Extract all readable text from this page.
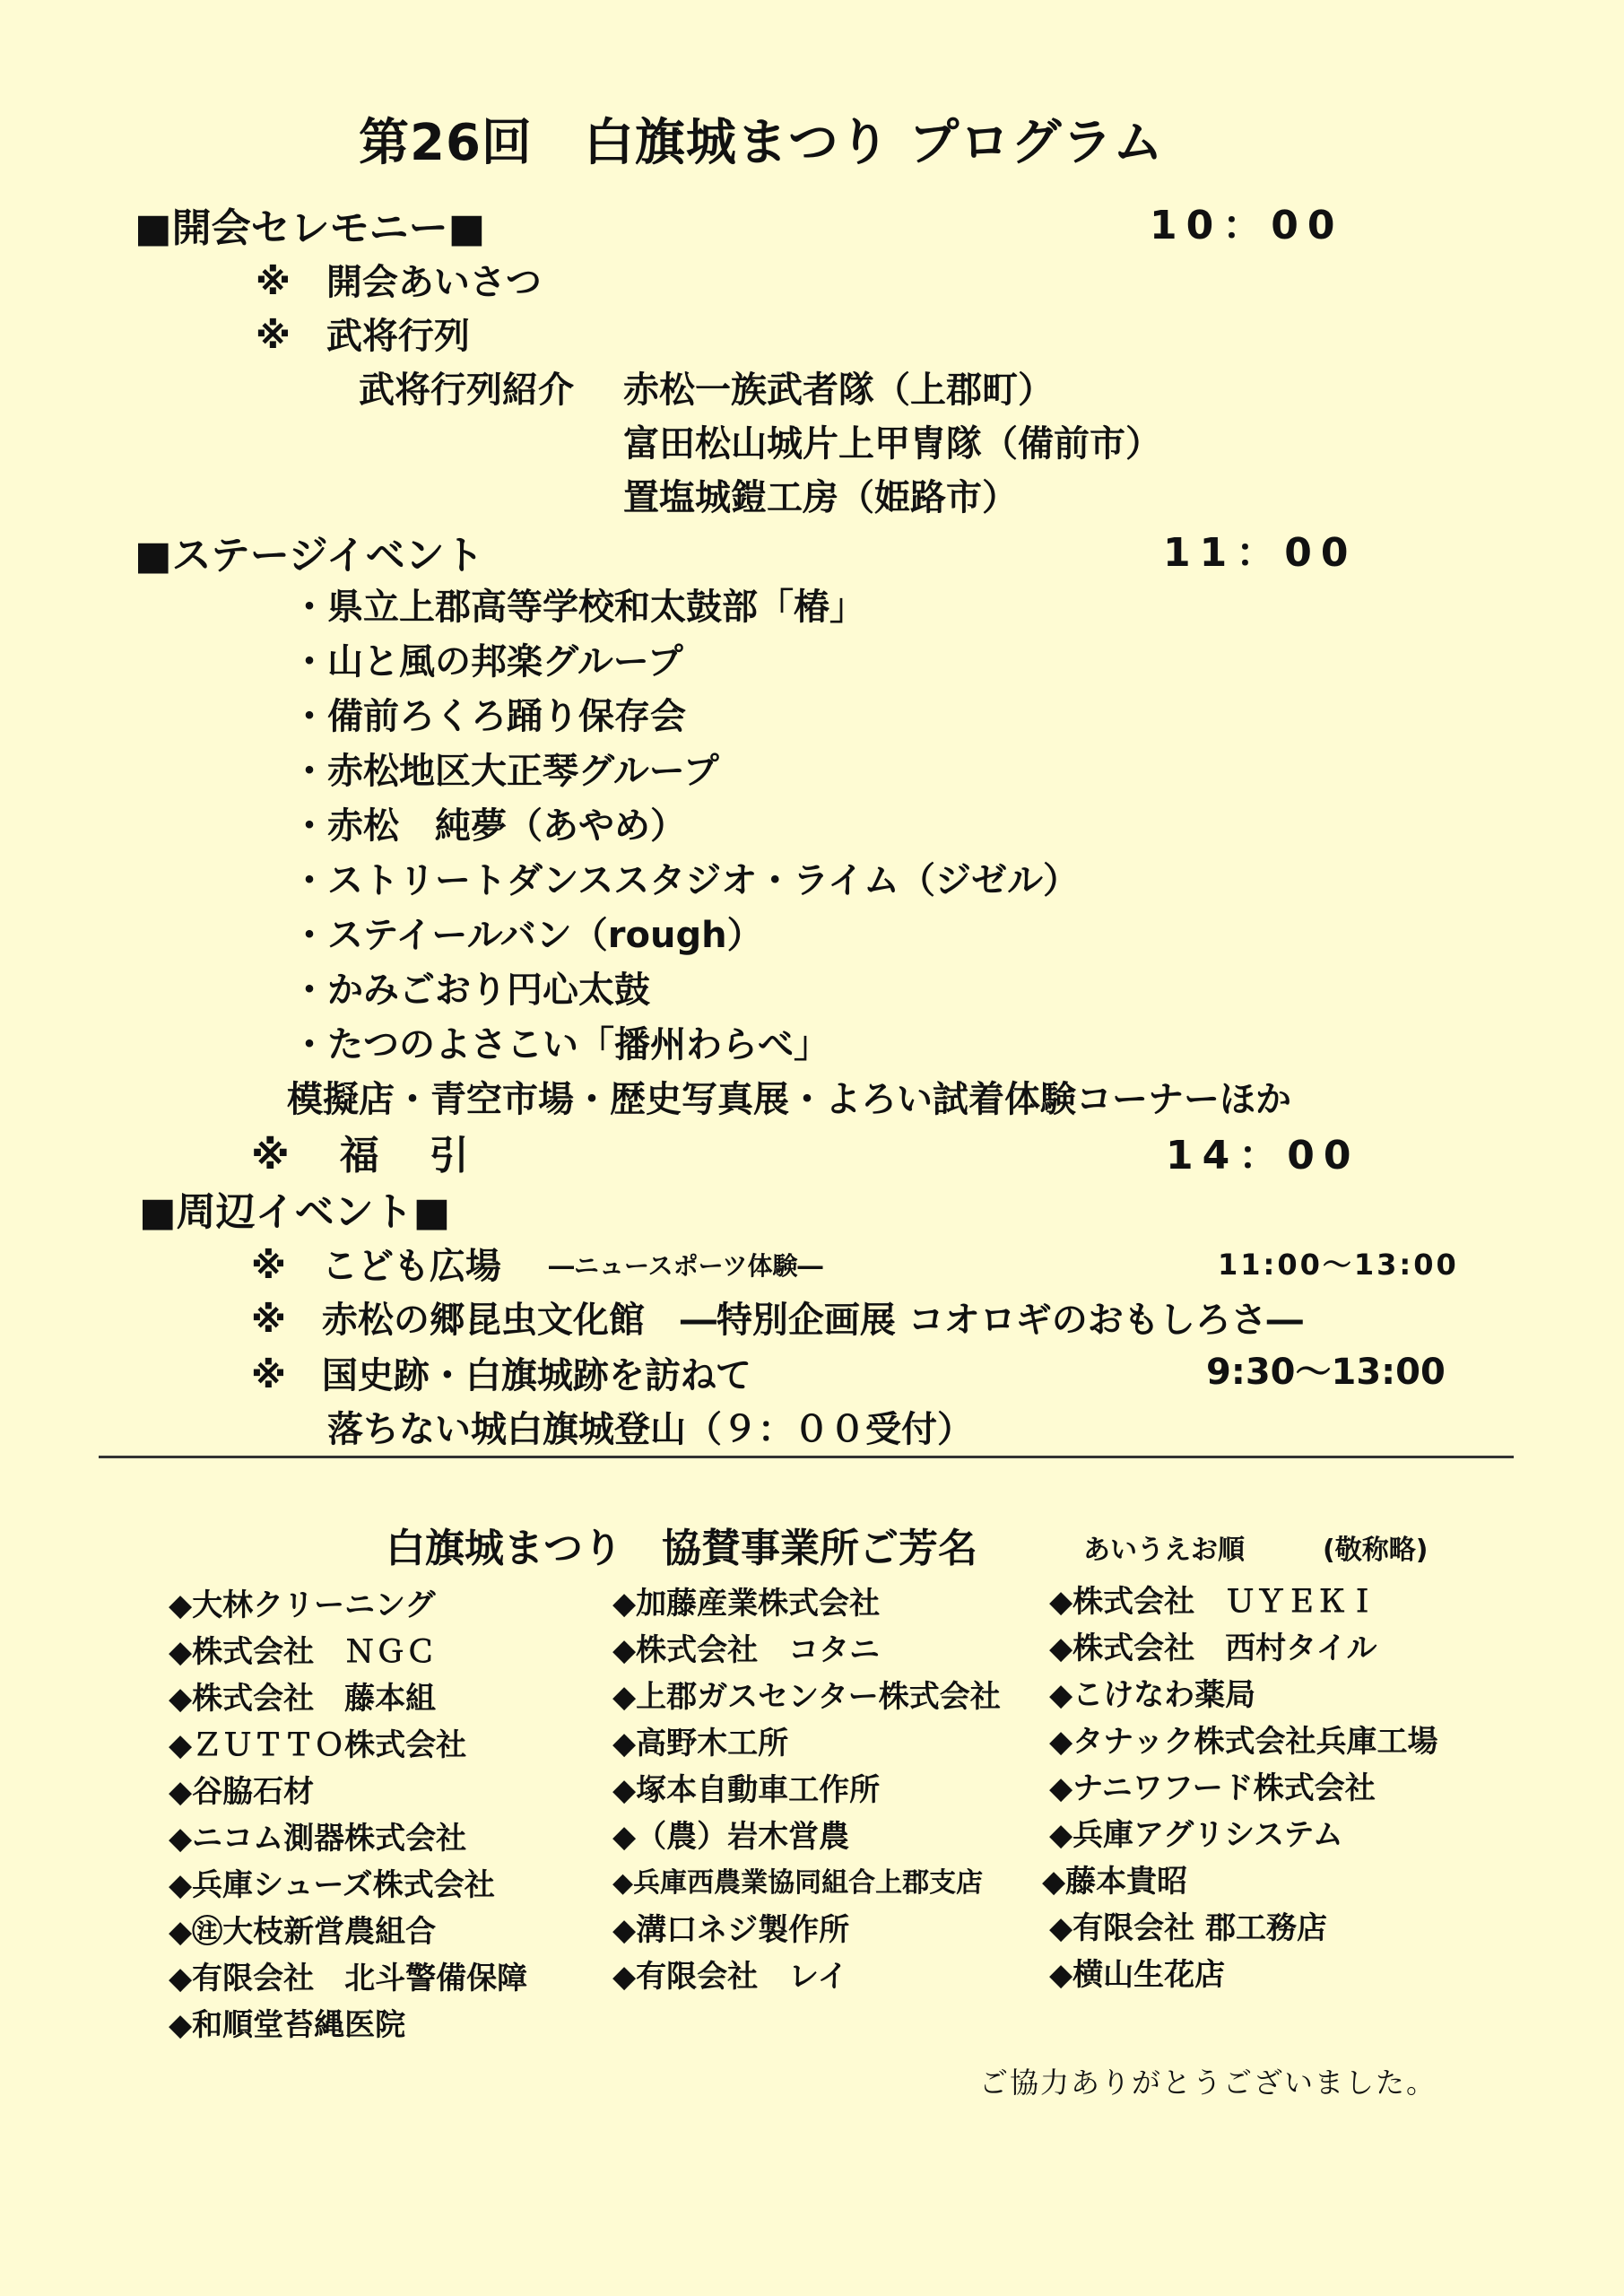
第26回　白旗城まつり プログラム
■開会セレモニー■	10：00
※　開会あいさつ
※　武将行列
武将行列紹介 赤松一族武者隊（上郡町）
富田松山城片上甲冑隊（備前市）
置塩城鎧工房（姫路市）
■ステージイベント	11：00
・県立上郡高等学校和太鼓部「椿」
・山と風の邦楽グループ
・備前ろくろ踊り保存会
・赤松地区大正琴グループ
・赤松　純夢（あやめ）
・ストリートダンススタジオ・ライム（ジゼル）
・ステイールバン（rough）
・かみごおり円心太鼓
・たつのよさこい「播州わらべ」
模擬店・青空市場・歴史写真展・よろい試着体験コーナーほか
※　福　引	14：00
■周辺イベント■
※　こども広場 ―ニュースポーツ体験―	11:00～13:00
※　赤松の郷昆虫文化館　―特別企画展 コオロギのおもしろさ―
※　国史跡・白旗城跡を訪ねて	9:30～13:00
落ちない城白旗城登山（９：００受付）
白旗城まつり　協賛事業所ご芳名	あいうえお順	(敬称略)
◆大林クリーニング
◆株式会社　ＮＧＣ
◆株式会社　藤本組
◆ＺＵＴＴＯ株式会社
◆谷脇石材
◆ニコム測器株式会社
◆兵庫シューズ株式会社
◆㊟大枝新営農組合
◆有限会社　北斗警備保障
◆和順堂苔縄医院
◆加藤産業株式会社
◆株式会社　コタニ
◆上郡ガスセンター株式会社
◆高野木工所
◆塚本自動車工作所
◆（農）岩木営農
◆兵庫西農業協同組合上郡支店
◆溝口ネジ製作所
◆有限会社　レイ
◆株式会社　ＵＹＥＫＩ
◆株式会社　西村タイル
◆こけなわ薬局
◆タナック株式会社兵庫工場
◆ナニワフード株式会社
◆兵庫アグリシステム
◆藤本貴昭
◆有限会社 郡工務店
◆横山生花店
ご協力ありがとうございました。
